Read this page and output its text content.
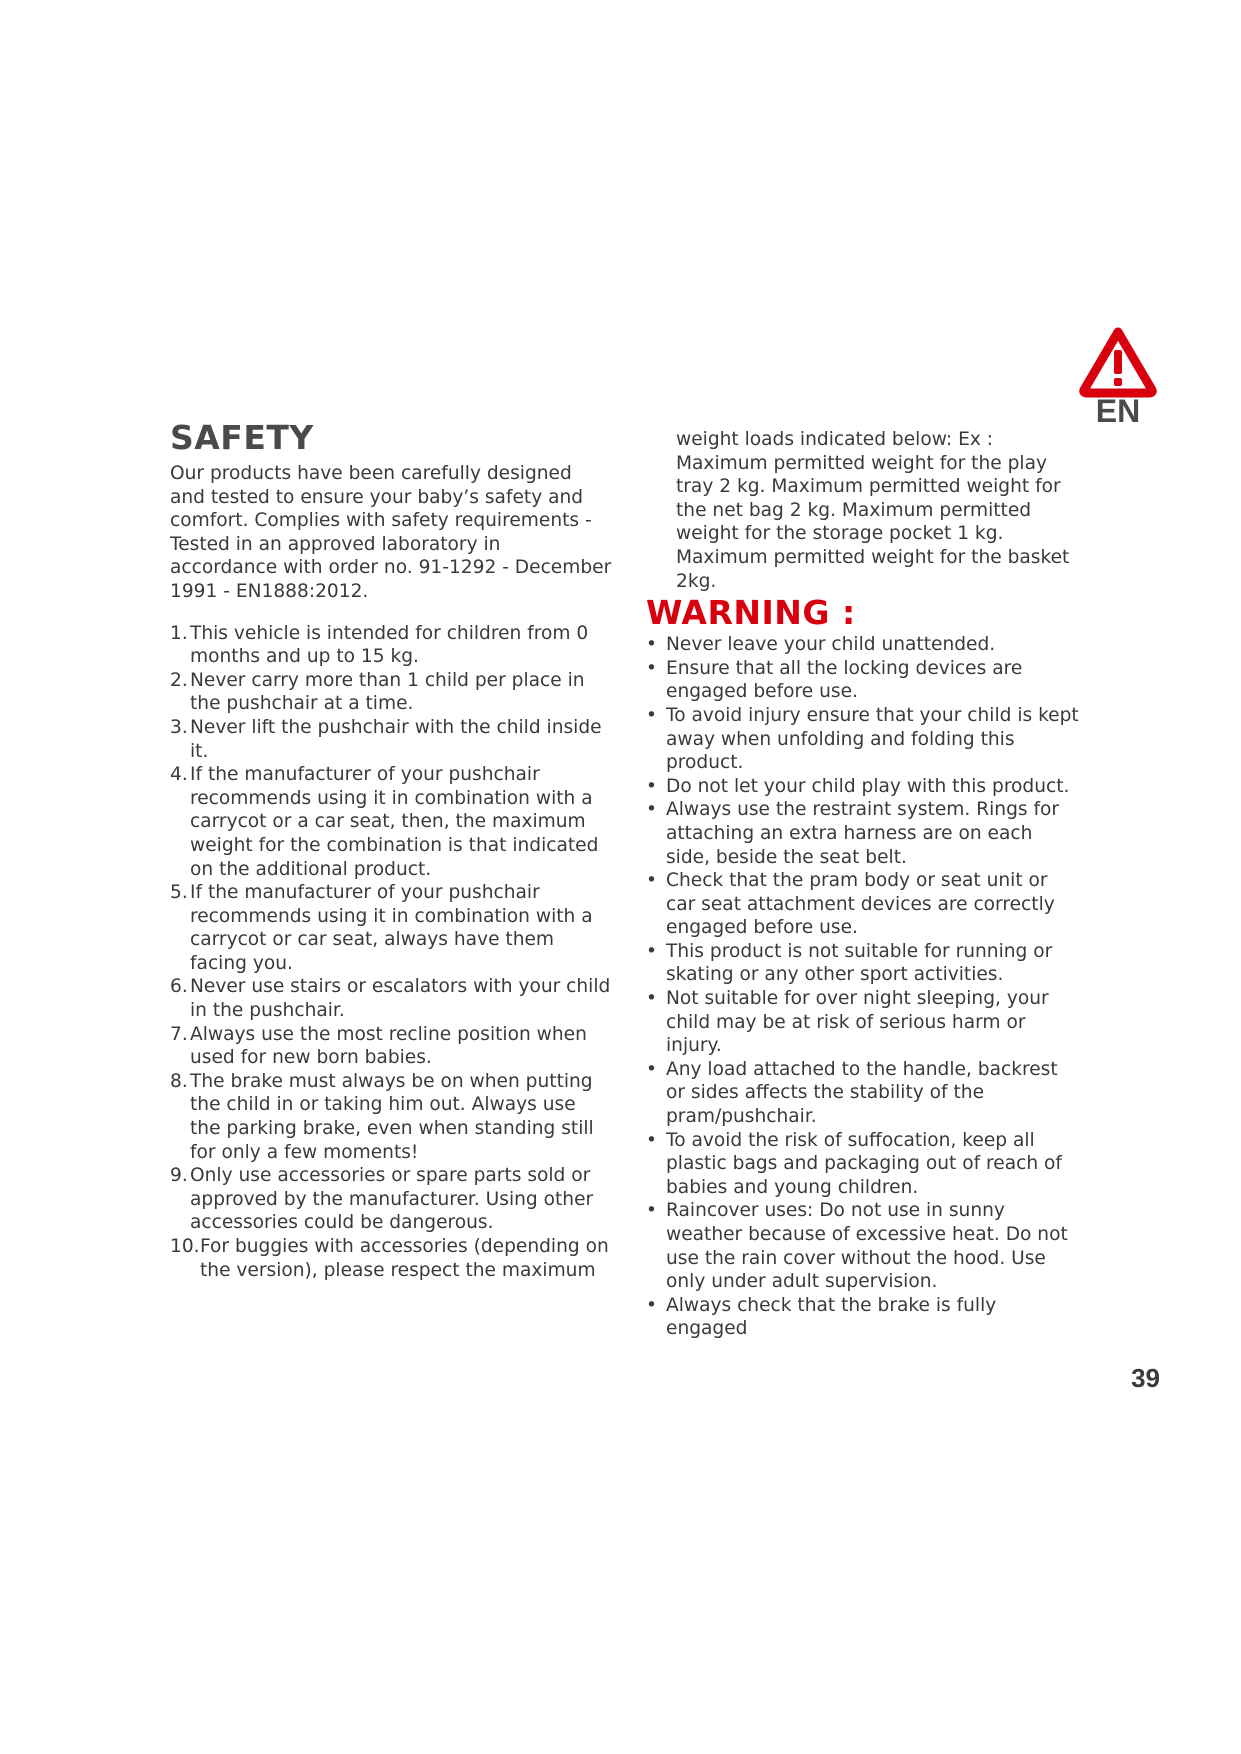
EN
SAFETY

Our products have been carefully designed and tested to ensure your baby’s safety and comfort. Complies with safety requirements - Tested in an approved laboratory in accordance with order no. 91-1292 - December 1991 - EN1888:2012.

1. This vehicle is intended for children from 0 months and up to 15 kg.
2. Never carry more than 1 child per place in the pushchair at a time.
3. Never lift the pushchair with the child inside it.
4. If the manufacturer of your pushchair recommends using it in combination with a carrycot or a car seat, then, the maximum weight for the combination is that indicated on the additional product.
5. If the manufacturer of your pushchair recommends using it in combination with a carrycot or car seat, always have them facing you.
6. Never use stairs or escalators with your child in the pushchair.
7. Always use the most recline position when used for new born babies.
8. The brake must always be on when putting the child in or taking him out. Always use the parking brake, even when standing still for only a few moments!
9. Only use accessories or spare parts sold or approved by the manufacturer. Using other accessories could be dangerous.
10. For buggies with accessories (depending on the version), please respect the maximum

weight loads indicated below: Ex : Maximum permitted weight for the play tray 2 kg. Maximum permitted weight for the net bag 2 kg. Maximum permitted weight for the storage pocket 1 kg. Maximum permitted weight for the basket 2kg.

WARNING :
• Never leave your child unattended.
• Ensure that all the locking devices are engaged before use.
• To avoid injury ensure that your child is kept away when unfolding and folding this product.
• Do not let your child play with this product.
• Always use the restraint system. Rings for attaching an extra harness are on each side, beside the seat belt.
• Check that the pram body or seat unit or car seat attachment devices are correctly engaged before use.
• This product is not suitable for running or skating or any other sport activities.
• Not suitable for over night sleeping, your child may be at risk of serious harm or injury.
• Any load attached to the handle, backrest or sides affects the stability of the pram/pushchair.
• To avoid the risk of suffocation, keep all plastic bags and packaging out of reach of babies and young children.
• Raincover uses: Do not use in sunny weather because of excessive heat. Do not use the rain cover without the hood. Use only under adult supervision.
• Always check that the brake is fully engaged
39
